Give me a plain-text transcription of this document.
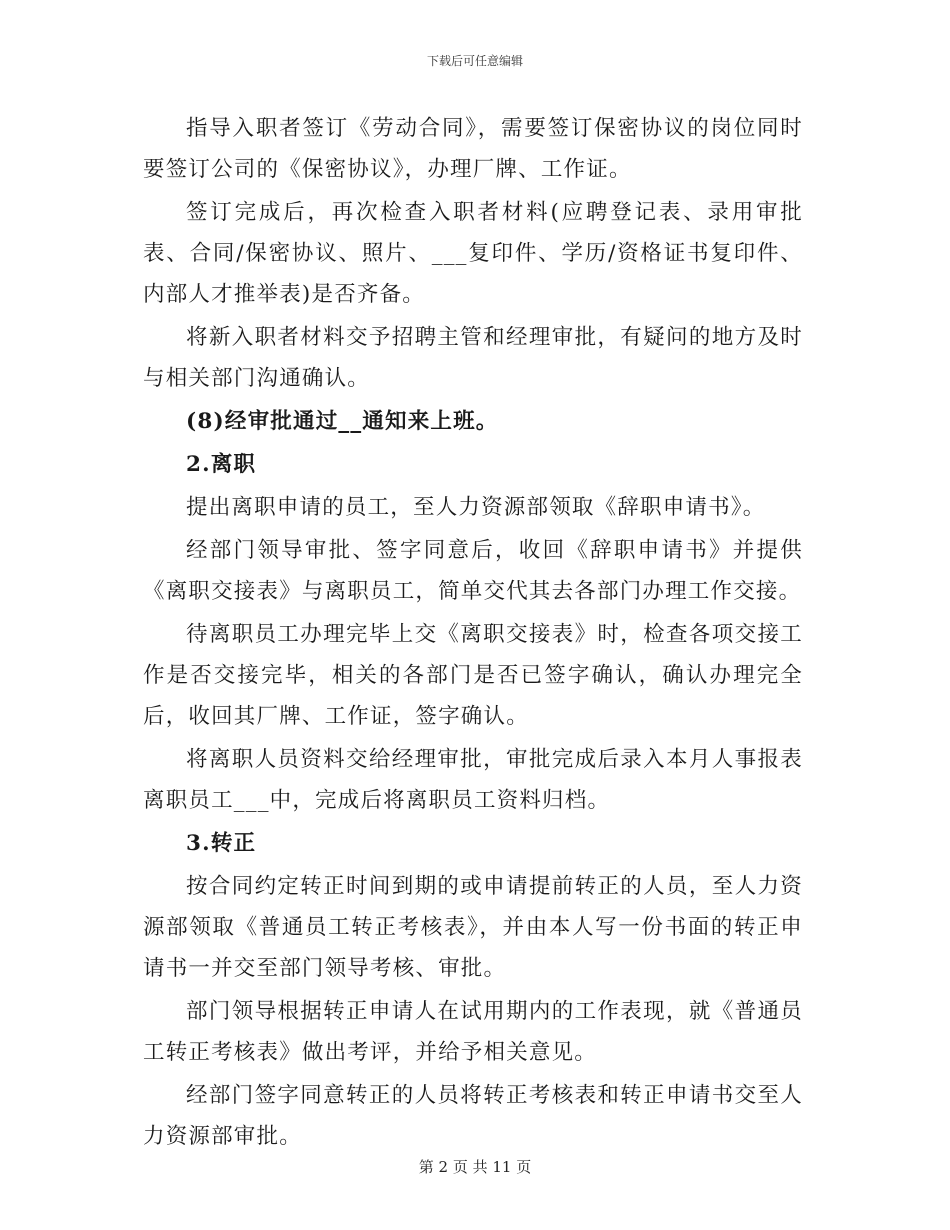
下载后可任意编辑

指导入职者签订《劳动合同》，需要签订保密协议的岗位同时要签订公司的《保密协议》，办理厂牌、工作证。

签订完成后，再次检查入职者材料(应聘登记表、录用审批表、合同/保密协议、照片、___复印件、学历/资格证书复印件、内部人才推举表)是否齐备。

将新入职者材料交予招聘主管和经理审批，有疑问的地方及时与相关部门沟通确认。

(8)经审批通过__通知来上班。

2.离职

提出离职申请的员工，至人力资源部领取《辞职申请书》。

经部门领导审批、签字同意后，收回《辞职申请书》并提供《离职交接表》与离职员工，简单交代其去各部门办理工作交接。

待离职员工办理完毕上交《离职交接表》时，检查各项交接工作是否交接完毕，相关的各部门是否已签字确认，确认办理完全后，收回其厂牌、工作证，签字确认。

将离职人员资料交给经理审批，审批完成后录入本月人事报表离职员工___中，完成后将离职员工资料归档。

3.转正

按合同约定转正时间到期的或申请提前转正的人员，至人力资源部领取《普通员工转正考核表》，并由本人写一份书面的转正申请书一并交至部门领导考核、审批。

部门领导根据转正申请人在试用期内的工作表现，就《普通员工转正考核表》做出考评，并给予相关意见。

经部门签字同意转正的人员将转正考核表和转正申请书交至人力资源部审批。

第 2 页 共 11 页
